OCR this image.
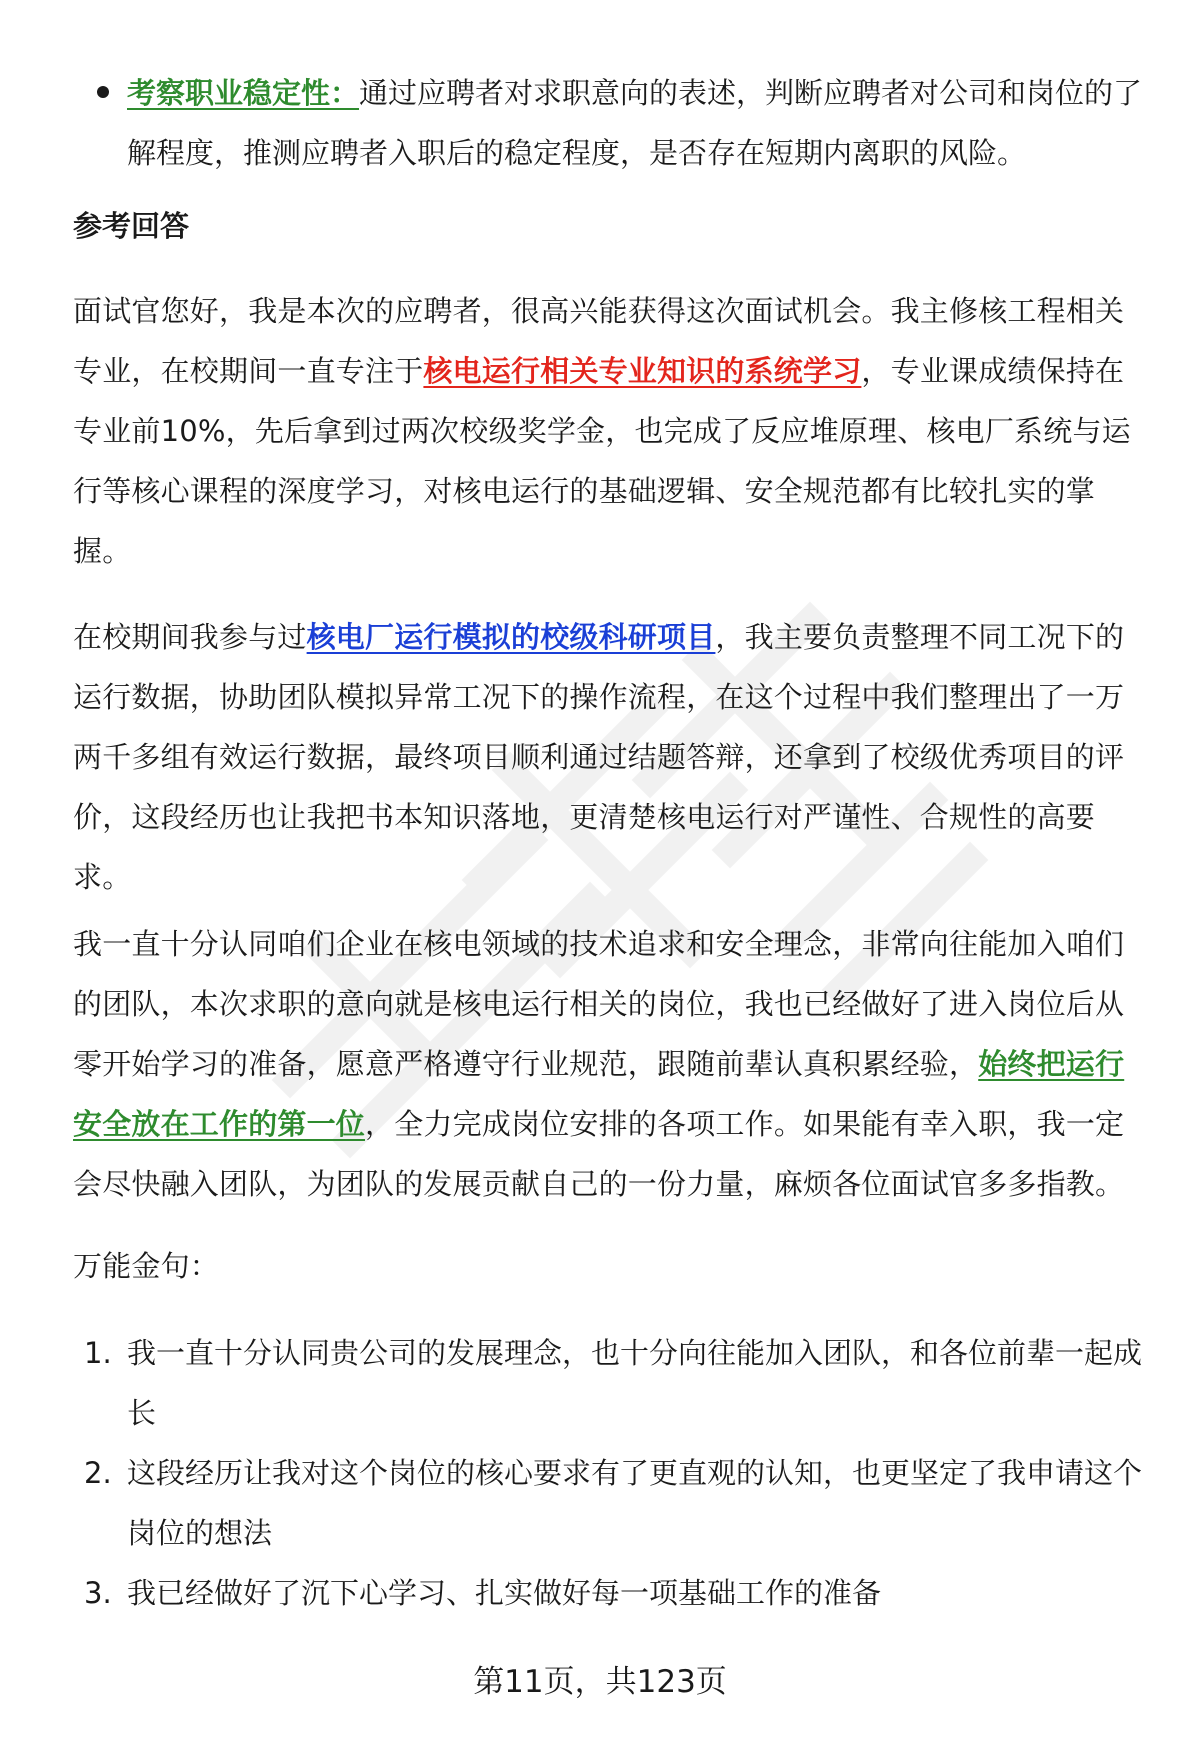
考察职业稳定性：通过应聘者对求职意向的表述，判断应聘者对公司和岗位的了解程度，推测应聘者入职后的稳定程度，是否存在短期内离职的风险。
参考回答
面试官您好，我是本次的应聘者，很高兴能获得这次面试机会。我主修核工程相关专业，在校期间一直专注于核电运行相关专业知识的系统学习，专业课成绩保持在专业前10%，先后拿到过两次校级奖学金，也完成了反应堆原理、核电厂系统与运行等核心课程的深度学习，对核电运行的基础逻辑、安全规范都有比较扎实的掌握。
在校期间我参与过核电厂运行模拟的校级科研项目，我主要负责整理不同工况下的运行数据，协助团队模拟异常工况下的操作流程，在这个过程中我们整理出了一万两千多组有效运行数据，最终项目顺利通过结题答辩，还拿到了校级优秀项目的评价，这段经历也让我把书本知识落地，更清楚核电运行对严谨性、合规性的高要求。
我一直十分认同咱们企业在核电领域的技术追求和安全理念，非常向往能加入咱们的团队，本次求职的意向就是核电运行相关的岗位，我也已经做好了进入岗位后从零开始学习的准备，愿意严格遵守行业规范，跟随前辈认真积累经验，始终把运行安全放在工作的第一位，全力完成岗位安排的各项工作。如果能有幸入职，我一定会尽快融入团队，为团队的发展贡献自己的一份力量，麻烦各位面试官多多指教。
万能金句：
1. 我一直十分认同贵公司的发展理念，也十分向往能加入团队，和各位前辈一起成长
2. 这段经历让我对这个岗位的核心要求有了更直观的认知，也更坚定了我申请这个岗位的想法
3. 我已经做好了沉下心学习、扎实做好每一项基础工作的准备
第11页，共123页
